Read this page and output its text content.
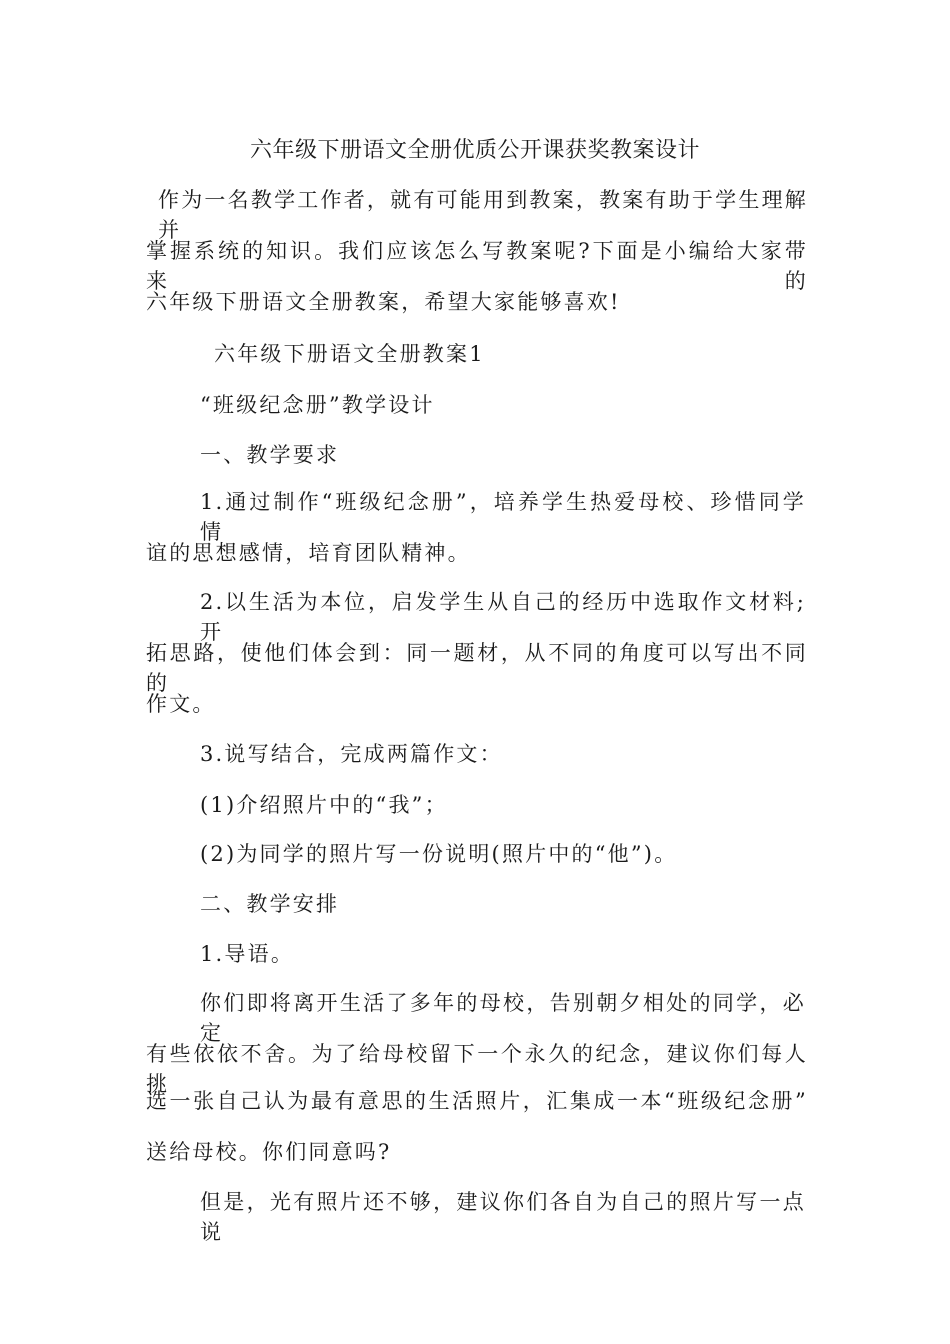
六年级下册语文全册优质公开课获奖教案设计
作为一名教学工作者，就有可能用到教案，教案有助于学生理解并
掌握系统的知识。我们应该怎么写教案呢?下面是小编给大家带来的
六年级下册语文全册教案，希望大家能够喜欢!
六年级下册语文全册教案1
“班级纪念册”教学设计
一、教学要求
1.通过制作“班级纪念册”，培养学生热爱母校、珍惜同学情
谊的思想感情，培育团队精神。
2.以生活为本位，启发学生从自己的经历中选取作文材料;开
拓思路，使他们体会到：同一题材，从不同的角度可以写出不同的
作文。
3.说写结合，完成两篇作文：
(1)介绍照片中的“我”；
(2)为同学的照片写一份说明(照片中的“他”)。
二、教学安排
1.导语。
你们即将离开生活了多年的母校，告别朝夕相处的同学，必定
有些依依不舍。为了给母校留下一个永久的纪念，建议你们每人挑
选一张自己认为最有意思的生活照片，汇集成一本“班级纪念册”
送给母校。你们同意吗?
但是，光有照片还不够，建议你们各自为自己的照片写一点说
